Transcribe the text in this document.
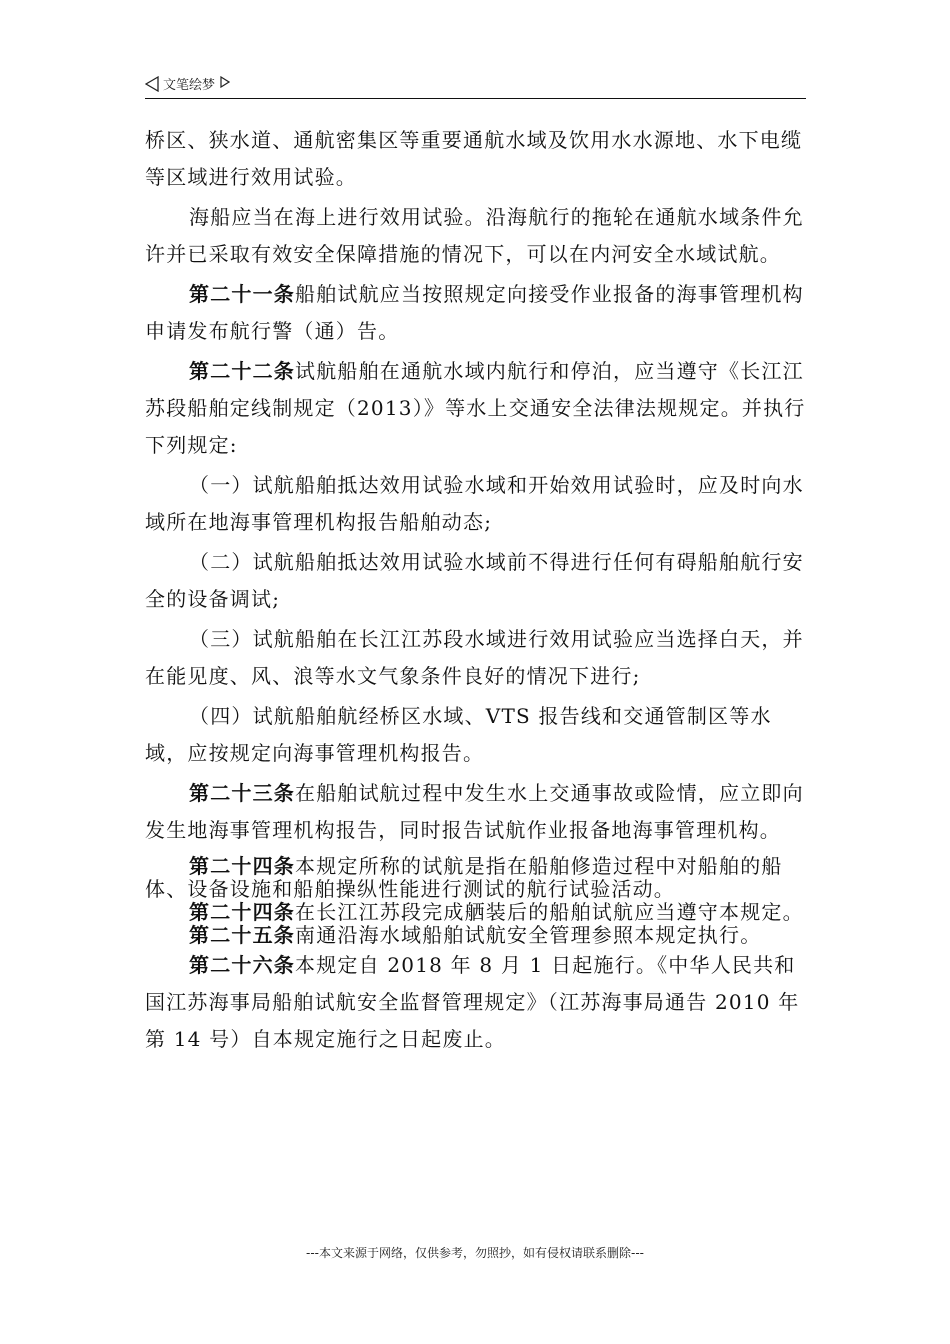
文笔绘梦

桥区、狭水道、通航密集区等重要通航水域及饮用水水源地、水下电缆等区域进行效用试验。

海船应当在海上进行效用试验。沿海航行的拖轮在通航水域条件允许并已采取有效安全保障措施的情况下，可以在内河安全水域试航。

第二十一条船舶试航应当按照规定向接受作业报备的海事管理机构申请发布航行警（通）告。

第二十二条试航船舶在通航水域内航行和停泊，应当遵守《长江江苏段船舶定线制规定（2013）》等水上交通安全法律法规规定。并执行下列规定:

（一）试航船舶抵达效用试验水域和开始效用试验时，应及时向水域所在地海事管理机构报告船舶动态;

（二）试航船舶抵达效用试验水域前不得进行任何有碍船舶航行安全的设备调试;

（三）试航船舶在长江江苏段水域进行效用试验应当选择白天，并在能见度、风、浪等水文气象条件良好的情况下进行;

（四）试航船舶航经桥区水域、VTS 报告线和交通管制区等水域，应按规定向海事管理机构报告。

第二十三条在船舶试航过程中发生水上交通事故或险情，应立即向发生地海事管理机构报告，同时报告试航作业报备地海事管理机构。

第二十四条本规定所称的试航是指在船舶修造过程中对船舶的船体、设备设施和船舶操纵性能进行测试的航行试验活动。

第二十四条在长江江苏段完成舾装后的船舶试航应当遵守本规定。

第二十五条南通沿海水域船舶试航安全管理参照本规定执行。

第二十六条本规定自 2018 年 8 月 1 日起施行。《中华人民共和国江苏海事局船舶试航安全监督管理规定》（江苏海事局通告 2010 年第 14 号）自本规定施行之日起废止。

---本文来源于网络，仅供参考，勿照抄，如有侵权请联系删除---
